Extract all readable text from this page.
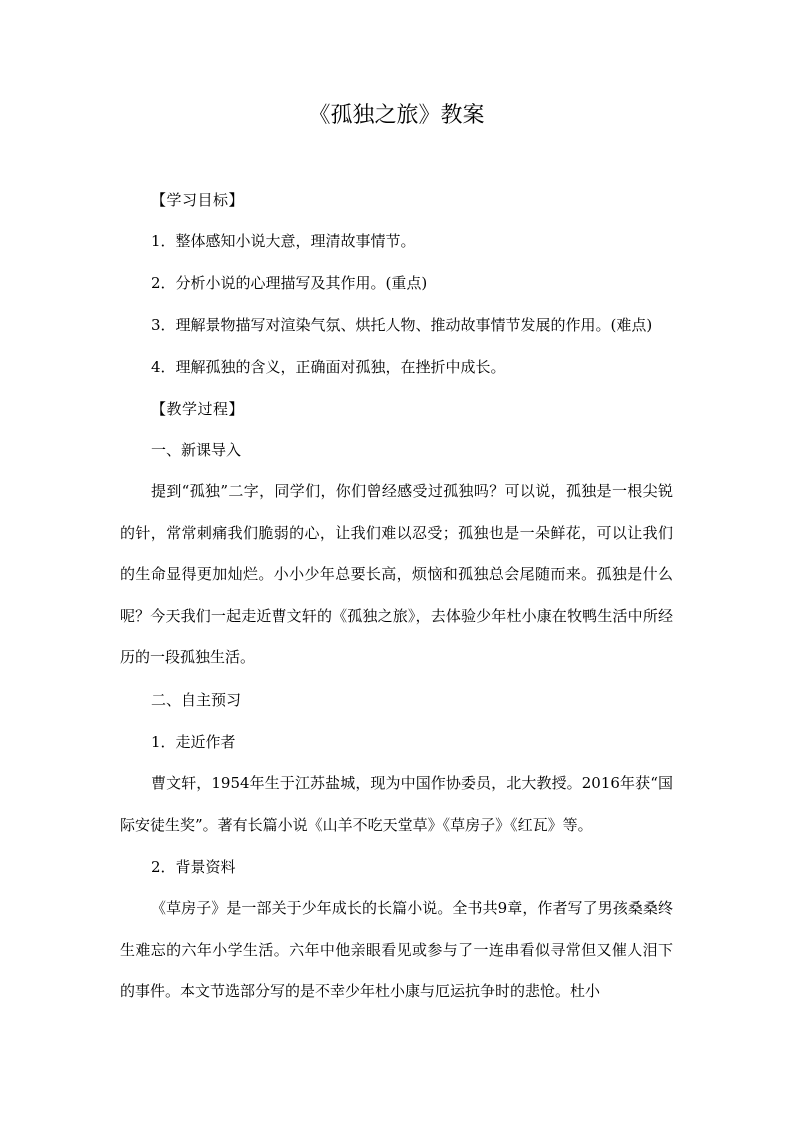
《孤独之旅》教案
【学习目标】
1．整体感知小说大意，理清故事情节。
2．分析小说的心理描写及其作用。(重点)
3．理解景物描写对渲染气氛、烘托人物、推动故事情节发展的作用。(难点)
4．理解孤独的含义，正确面对孤独，在挫折中成长。
【教学过程】
一、新课导入

提到“孤独”二字，同学们，你们曾经感受过孤独吗？可以说，孤独是一根尖锐的针，常常刺痛我们脆弱的心，让我们难以忍受；孤独也是一朵鲜花，可以让我们的生命显得更加灿烂。小小少年总要长高，烦恼和孤独总会尾随而来。孤独是什么呢？今天我们一起走近曹文轩的《孤独之旅》，去体验少年杜小康在牧鸭生活中所经历的一段孤独生活。

二、自主预习
1．走近作者

曹文轩，1954年生于江苏盐城，现为中国作协委员，北大教授。2016年获“国际安徒生奖”。著有长篇小说《山羊不吃天堂草》《草房子》《红瓦》等。

2．背景资料

《草房子》是一部关于少年成长的长篇小说。全书共9章，作者写了男孩桑桑终生难忘的六年小学生活。六年中他亲眼看见或参与了一连串看似寻常但又催人泪下的事件。本文节选部分写的是不幸少年杜小康与厄运抗争时的悲怆。杜小
